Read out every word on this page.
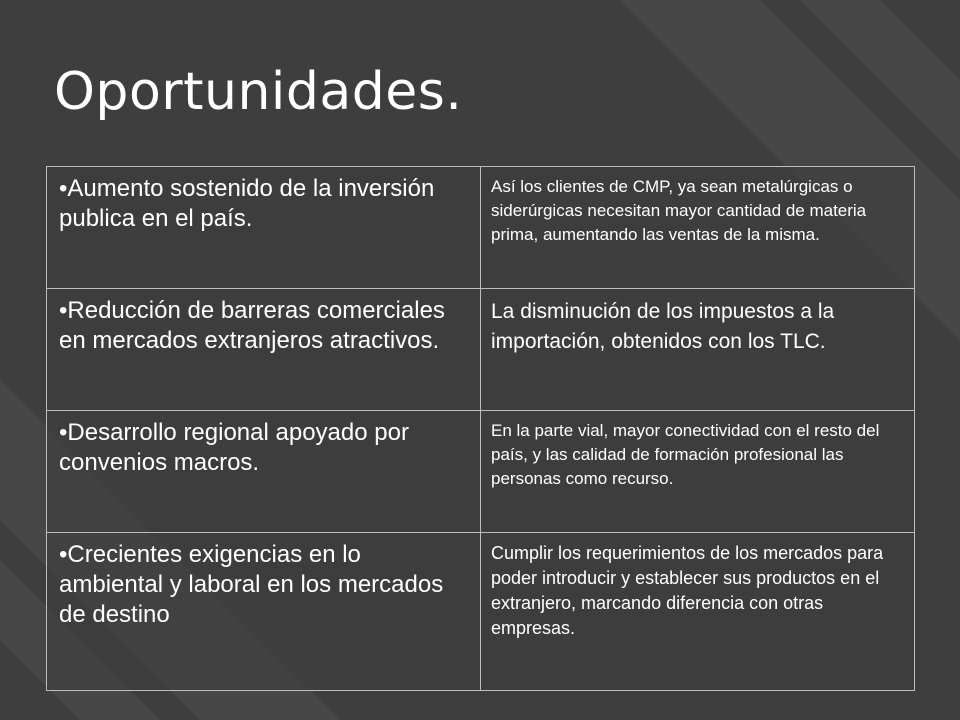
Oportunidades.
•Aumento sostenido de la inversión publica en el país.	Así los clientes de CMP, ya sean metalúrgicas o siderúrgicas necesitan mayor cantidad de materia prima, aumentando las ventas de la misma.
•Reducción de barreras comerciales en mercados extranjeros atractivos.	La disminución de los impuestos a la importación, obtenidos con los TLC.
•Desarrollo regional apoyado por convenios macros.	En la parte vial, mayor conectividad con el resto del país, y las calidad de formación profesional las personas como recurso.
•Crecientes exigencias en lo ambiental y laboral en los mercados de destino	Cumplir los requerimientos de los mercados para poder introducir y establecer sus productos en el extranjero, marcando diferencia con otras empresas.
